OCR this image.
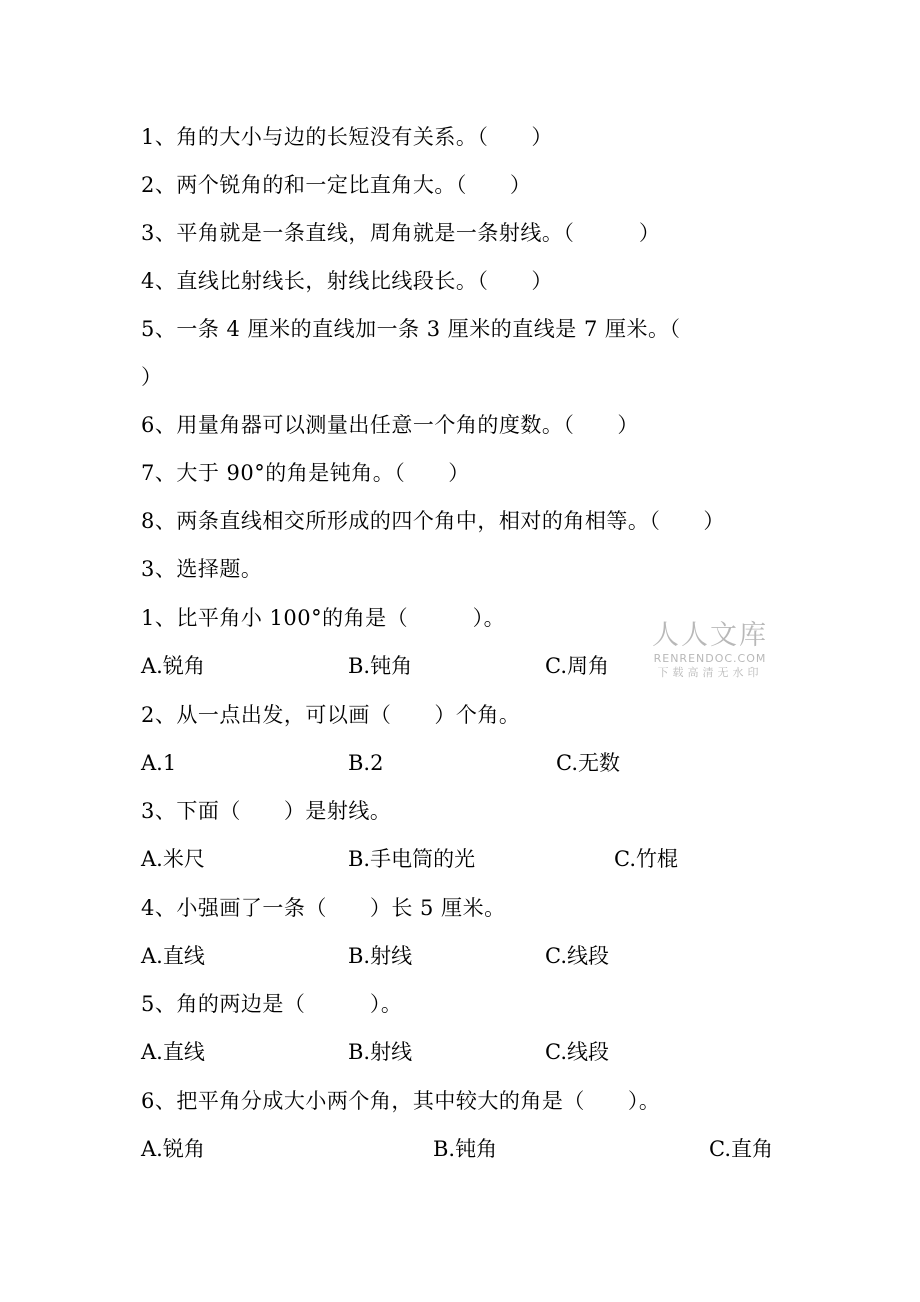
1、角的大小与边的长短没有关系。（　　）
2、两个锐角的和一定比直角大。（　　）
3、平角就是一条直线，周角就是一条射线。（　　　）
4、直线比射线长，射线比线段长。（　　）
5、一条 4 厘米的直线加一条 3 厘米的直线是 7 厘米。（
）
6、用量角器可以测量出任意一个角的度数。（　　）
7、大于 90°的角是钝角。（　　）
8、两条直线相交所形成的四个角中，相对的角相等。（　　）
3、选择题。
1、比平角小 100°的角是（　　　）。
A.锐角	B.钝角	C.周角
2、从一点出发，可以画（　　）个角。
A.1	B.2	C.无数
3、下面（　　）是射线。
A.米尺	B.手电筒的光	C.竹棍
4、小强画了一条（　　）长 5 厘米。
A.直线	B.射线	C.线段
5、角的两边是（　　　）。
A.直线	B.射线	C.线段
6、把平角分成大小两个角，其中较大的角是（　　）。
A.锐角	B.钝角	C.直角
人人文库
RENRENDOC.COM
下载高清无水印
